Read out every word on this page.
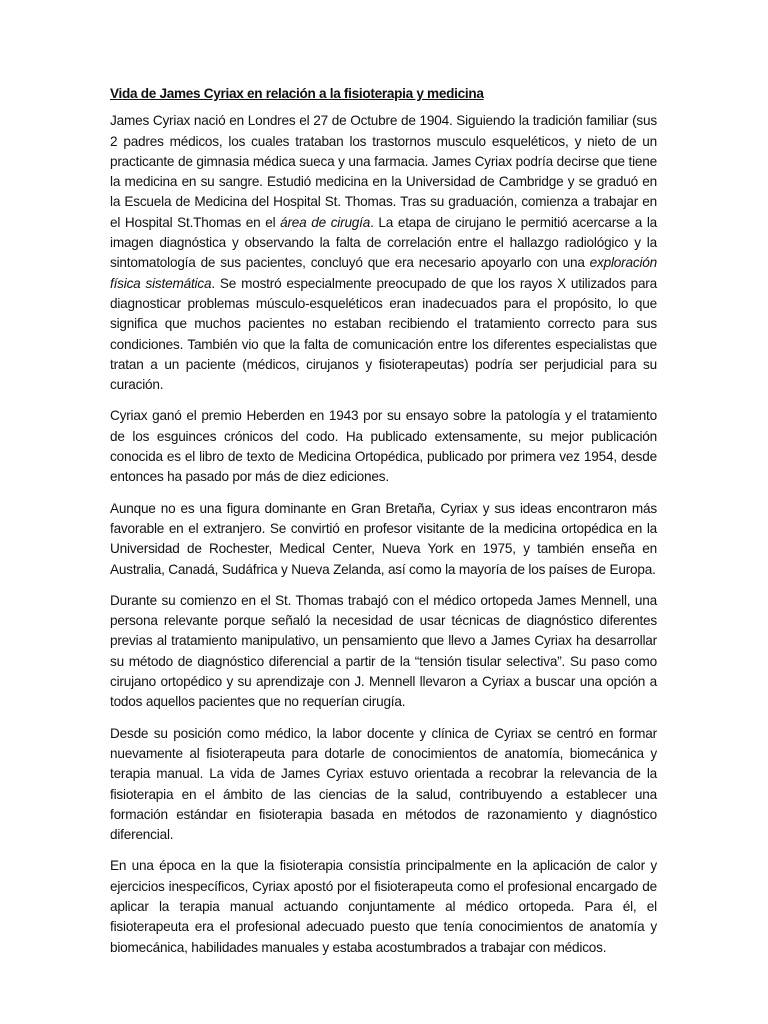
Vida de James Cyriax en relación a la fisioterapia y medicina

James Cyriax nació en Londres el 27 de Octubre de 1904. Siguiendo la tradición familiar (sus 2 padres médicos, los cuales trataban los trastornos musculo esqueléticos, y nieto de un practicante de gimnasia médica sueca y una farmacia. James Cyriax podría decirse que tiene la medicina en su sangre. Estudió medicina en la Universidad de Cambridge y se graduó en la Escuela de Medicina del Hospital St. Thomas. Tras su graduación, comienza a trabajar en el Hospital St.Thomas en el área de cirugía. La etapa de cirujano le permitió acercarse a la imagen diagnóstica y observando la falta de correlación entre el hallazgo radiológico y la sintomatología de sus pacientes, concluyó que era necesario apoyarlo con una exploración física sistemática. Se mostró especialmente preocupado de que los rayos X utilizados para diagnosticar problemas músculo-esqueléticos eran inadecuados para el propósito, lo que significa que muchos pacientes no estaban recibiendo el tratamiento correcto para sus condiciones. También vio que la falta de comunicación entre los diferentes especialistas que tratan a un paciente (médicos, cirujanos y fisioterapeutas) podría ser perjudicial para su curación.

Cyriax ganó el premio Heberden en 1943 por su ensayo sobre la patología y el tratamiento de los esguinces crónicos del codo. Ha publicado extensamente, su mejor publicación conocida es el libro de texto de Medicina Ortopédica, publicado por primera vez 1954, desde entonces ha pasado por más de diez ediciones.

Aunque no es una figura dominante en Gran Bretaña, Cyriax y sus ideas encontraron más favorable en el extranjero. Se convirtió en profesor visitante de la medicina ortopédica en la Universidad de Rochester, Medical Center, Nueva York en 1975, y también enseña en Australia, Canadá, Sudáfrica y Nueva Zelanda, así como la mayoría de los países de Europa.

Durante su comienzo en el St. Thomas trabajó con el médico ortopeda James Mennell, una persona relevante porque señaló la necesidad de usar técnicas de diagnóstico diferentes previas al tratamiento manipulativo, un pensamiento que llevo a James Cyriax ha desarrollar su método de diagnóstico diferencial a partir de la “tensión tisular selectiva”. Su paso como cirujano ortopédico y su aprendizaje con J. Mennell llevaron a Cyriax a buscar una opción a todos aquellos pacientes que no requerían cirugía.

Desde su posición como médico, la labor docente y clínica de Cyriax se centró en formar nuevamente al fisioterapeuta para dotarle de conocimientos de anatomía, biomecánica y terapia manual. La vida de James Cyriax estuvo orientada a recobrar la relevancia de la fisioterapia en el ámbito de las ciencias de la salud, contribuyendo a establecer una formación estándar en fisioterapia basada en métodos de razonamiento y diagnóstico diferencial.

En una época en la que la fisioterapia consistía principalmente en la aplicación de calor y ejercicios inespecíficos, Cyriax apostó por el fisioterapeuta como el profesional encargado de aplicar la terapia manual actuando conjuntamente al médico ortopeda. Para él, el fisioterapeuta era el profesional adecuado puesto que tenía conocimientos de anatomía y biomecánica, habilidades manuales y estaba acostumbrados a trabajar con médicos.
